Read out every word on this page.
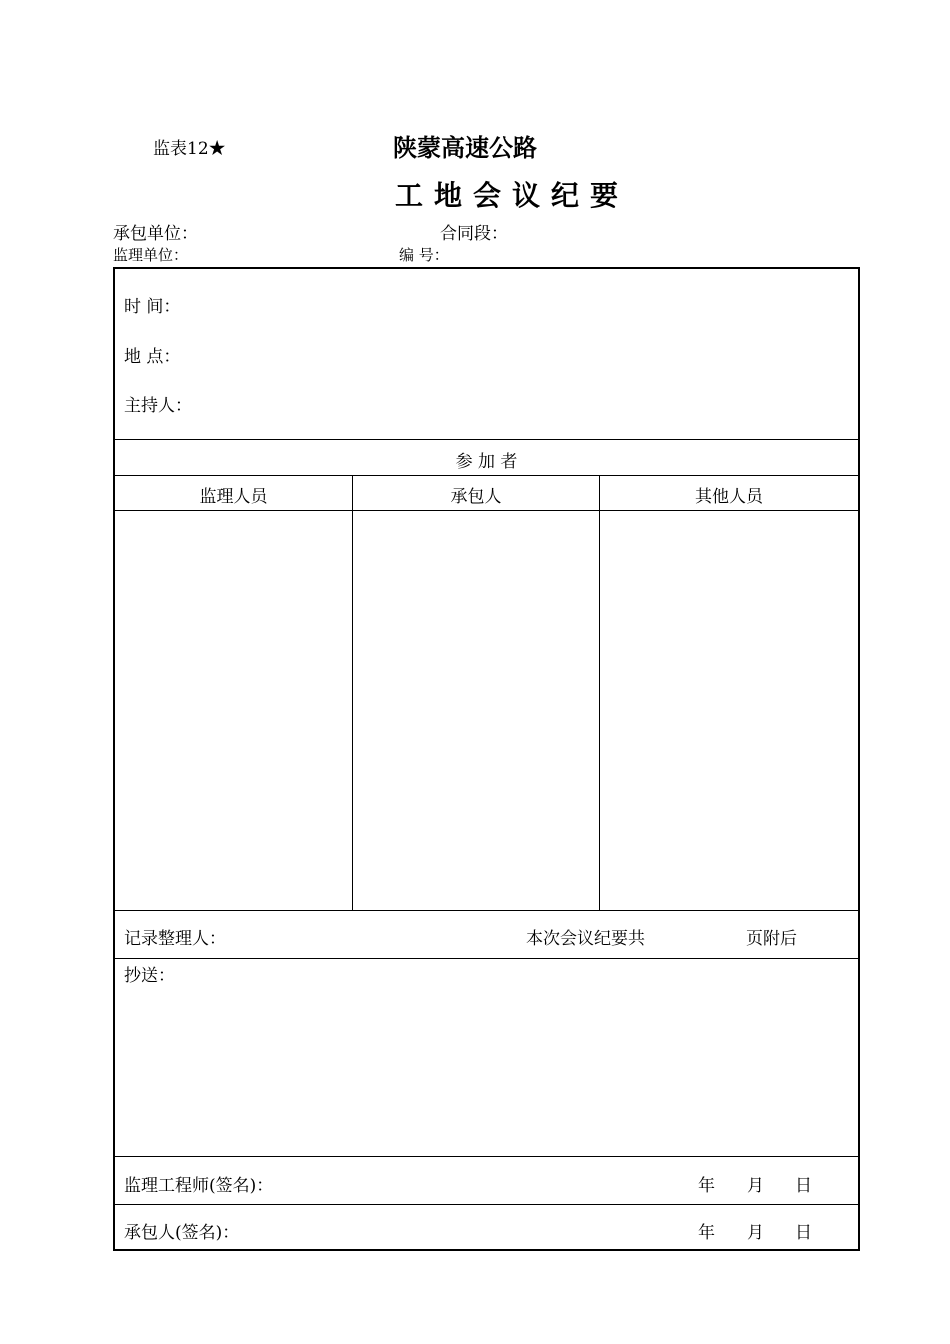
监表12★	陕蒙高速公路
工地会议纪要
承包单位：	合同段：
监理单位：	编 号：
时 间：
地 点：
主持人：
参 加 者
监理人员	承包人	其他人员
记录整理人：	本次会议纪要共	页附后
抄送：
监理工程师(签名)：	年 月 日
承包人(签名)：	年 月 日
